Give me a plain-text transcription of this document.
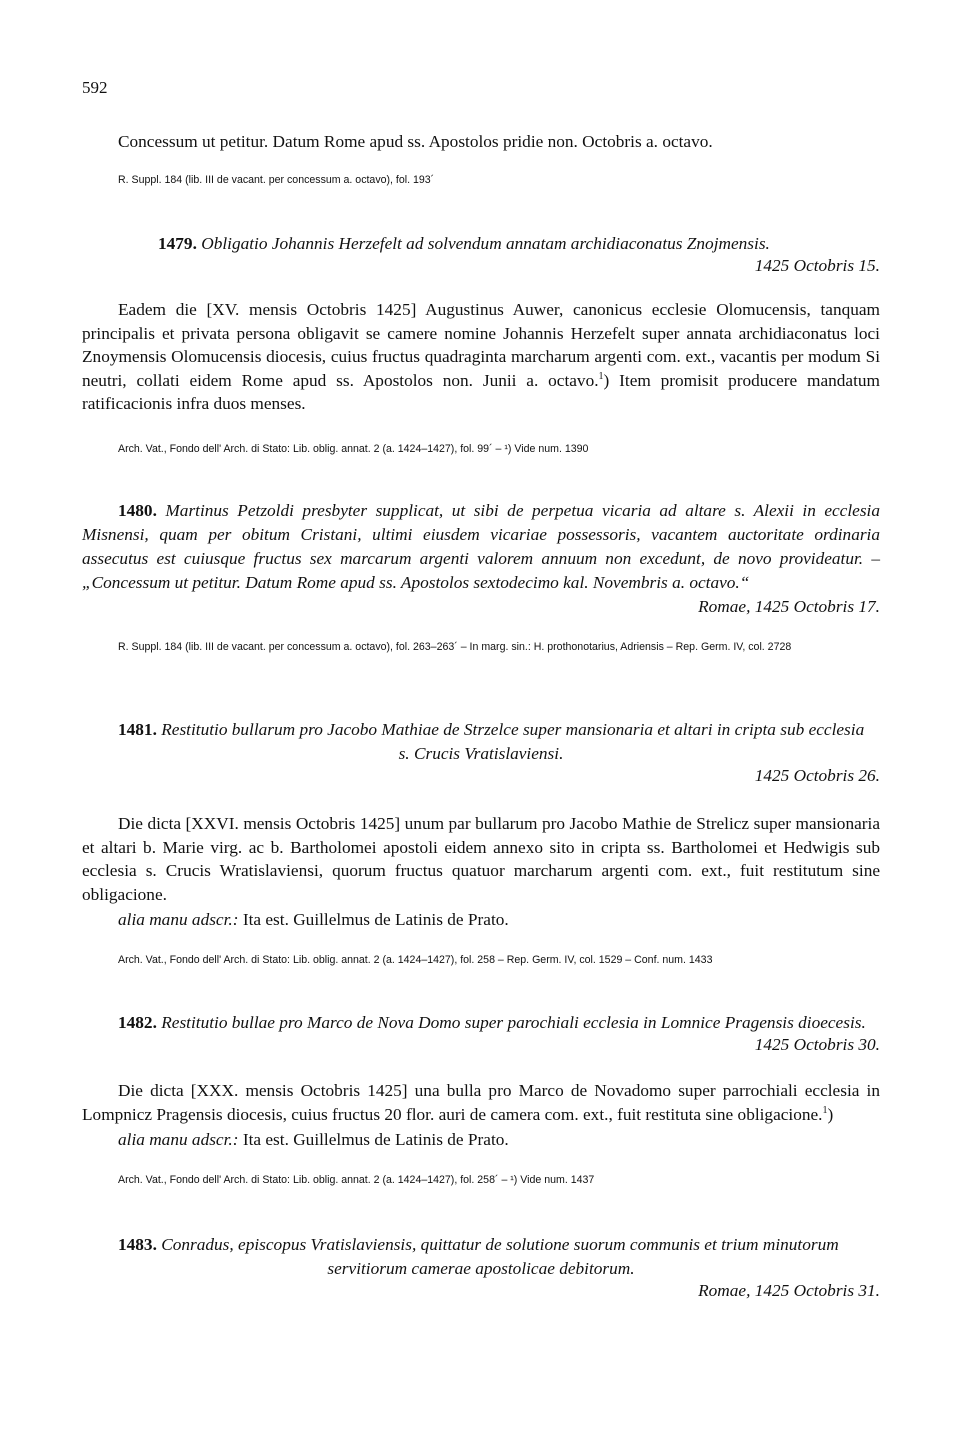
592
Concessum ut petitur. Datum Rome apud ss. Apostolos pridie non. Octobris a. octavo.
R. Suppl. 184 (lib. III de vacant. per concessum a. octavo), fol. 193´
1479. Obligatio Johannis Herzefelt ad solvendum annatam archidiaconatus Znojmensis.
1425 Octobris 15.
Eadem die [XV. mensis Octobris 1425] Augustinus Auwer, canonicus ecclesie Olomucensis, tanquam principalis et privata persona obligavit se camere nomine Johannis Herzefelt super annata archidiaconatus loci Znoymensis Olomucensis diocesis, cuius fructus quadraginta marcharum argenti com. ext., vacantis per modum Si neutri, collati eidem Rome apud ss. Apostolos non. Junii a. octavo.$^1$) Item promisit producere mandatum ratificacionis infra duos menses.
Arch. Vat., Fondo dell' Arch. di Stato: Lib. oblig. annat. 2 (a. 1424–1427), fol. 99´ – ¹) Vide num. 1390
1480. Martinus Petzoldi presbyter supplicat, ut sibi de perpetua vicaria ad altare s. Alexii in ecclesia Misnensi, quam per obitum Cristani, ultimi eiusdem vicariae possessoris, vacantem auctoritate ordinaria assecutus est cuiusque fructus sex marcarum argenti valorem annuum non excedunt, de novo provideatur. – „Concessum ut petitur. Datum Rome apud ss. Apostolos sextodecimo kal. Novembris a. octavo.“
Romae, 1425 Octobris 17.
R. Suppl. 184 (lib. III de vacant. per concessum a. octavo), fol. 263–263´ – In marg. sin.: H. prothonotarius, Adriensis – Rep. Germ. IV, col. 2728
1481. Restitutio bullarum pro Jacobo Mathiae de Strzelce super mansionaria et altari in cripta sub ecclesia
s. Crucis Vratislaviensi.
1425 Octobris 26.
Die dicta [XXVI. mensis Octobris 1425] unum par bullarum pro Jacobo Mathie de Strelicz super mansionaria et altari b. Marie virg. ac b. Bartholomei apostoli eidem annexo sito in cripta ss. Bartholomei et Hedwigis sub ecclesia s. Crucis Wratislaviensi, quorum fructus quatuor marcharum argenti com. ext., fuit restitutum sine obligacione.
alia manu adscr.: Ita est. Guillelmus de Latinis de Prato.
Arch. Vat., Fondo dell' Arch. di Stato: Lib. oblig. annat. 2 (a. 1424–1427), fol. 258 – Rep. Germ. IV, col. 1529 – Conf. num. 1433
1482. Restitutio bullae pro Marco de Nova Domo super parochiali ecclesia in Lomnice Pragensis dioecesis.
1425 Octobris 30.
Die dicta [XXX. mensis Octobris 1425] una bulla pro Marco de Novadomo super parrochiali ecclesia in Lompnicz Pragensis diocesis, cuius fructus 20 flor. auri de camera com. ext., fuit restituta sine obligacione.$^1$)
alia manu adscr.: Ita est. Guillelmus de Latinis de Prato.
Arch. Vat., Fondo dell' Arch. di Stato: Lib. oblig. annat. 2 (a. 1424–1427), fol. 258´ – ¹) Vide num. 1437
1483. Conradus, episcopus Vratislaviensis, quittatur de solutione suorum communis et trium minutorum
servitiorum camerae apostolicae debitorum.
Romae, 1425 Octobris 31.
